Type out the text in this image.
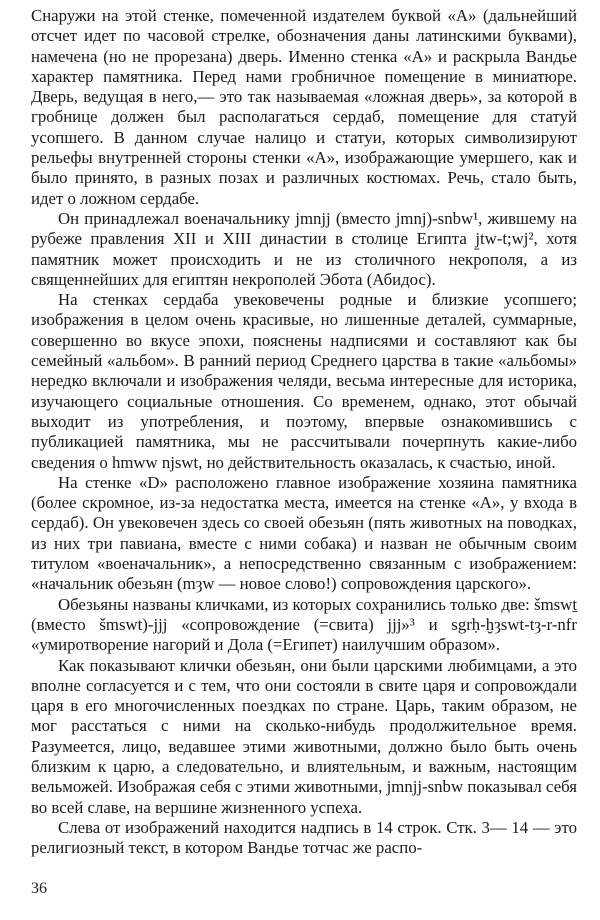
Снаружи на этой стенке, помеченной издателем буквой «A» (дальнейший отсчет идет по часовой стрелке, обозначения даны латинскими буквами), намечена (но не прорезана) дверь. Именно стенка «A» и раскрыла Вандье характер памятника. Перед нами гробничное помещение в миниатюре. Дверь, ведущая в него,— это так называемая «ложная дверь», за которой в гробнице должен был располагаться сердаб, помещение для статуй усопшего. В данном случае налицо и статуи, которых символизируют рельефы внутренней стороны стенки «A», изображающие умершего, как и было принято, в разных позах и различных костюмах. Речь, стало быть, идет о ложном сердабе.

Он принадлежал военачальнику jmnjj (вместо jmnj)-snbw¹, жившему на рубеже правления XII и XIII династии в столице Египта j̱tw-t;wj², хотя памятник может происходить и не из столичного некрополя, а из священнейших для египтян некрополей Эбота (Абидос).

На стенках сердаба увековечены родные и близкие усопшего; изображения в целом очень красивые, но лишенные деталей, суммарные, совершенно во вкусе эпохи, пояснены надписями и составляют как бы семейный «альбом». В ранний период Среднего царства в такие «альбомы» нередко включали и изображения челяди, весьма интересные для историка, изучающего социальные отношения. Со временем, однако, этот обычай выходит из употребления, и поэтому, впервые ознакомившись с публикацией памятника, мы не рассчитывали почерпнуть какие-либо сведения о hmww njswt, но действительность оказалась, к счастью, иной.

На стенке «D» расположено главное изображение хозяина памятника (более скромное, из-за недостатка места, имеется на стенке «A», у входа в сердаб). Он увековечен здесь со своей обезьян (пять животных на поводках, из них три павиана, вместе с ними собака) и назван не обычным своим титулом «военачальник», а непосредственно связанным с изображением: «начальник обезьян (mȝw — новое слово!) сопровождения царского».

Обезьяны названы кличками, из которых сохранились только две: šmswṯ (вместо šmswt)-jjj «сопровождение (=свита) jjj»³ и sgrḥ-ḫȝswt-tȝ-r-nfr «умиротворение нагорий и Дола (=Египет) наилучшим образом».

Как показывают клички обезьян, они были царскими любимцами, а это вполне согласуется и с тем, что они состояли в свите царя и сопровождали царя в его многочисленных поездках по стране. Царь, таким образом, не мог расстаться с ними на сколько-нибудь продолжительное время. Разумеется, лицо, ведавшее этими животными, должно было быть очень близким к царю, а следовательно, и влиятельным, и важным, настоящим вельможей. Изображая себя с этими животными, jmnjj-snbw показывал себя во всей славе, на вершине жизненного успеха.

Слева от изображений находится надпись в 14 строк. Стк. 3— 14 — это религиозный текст, в котором Вандье тотчас же распо-

36
